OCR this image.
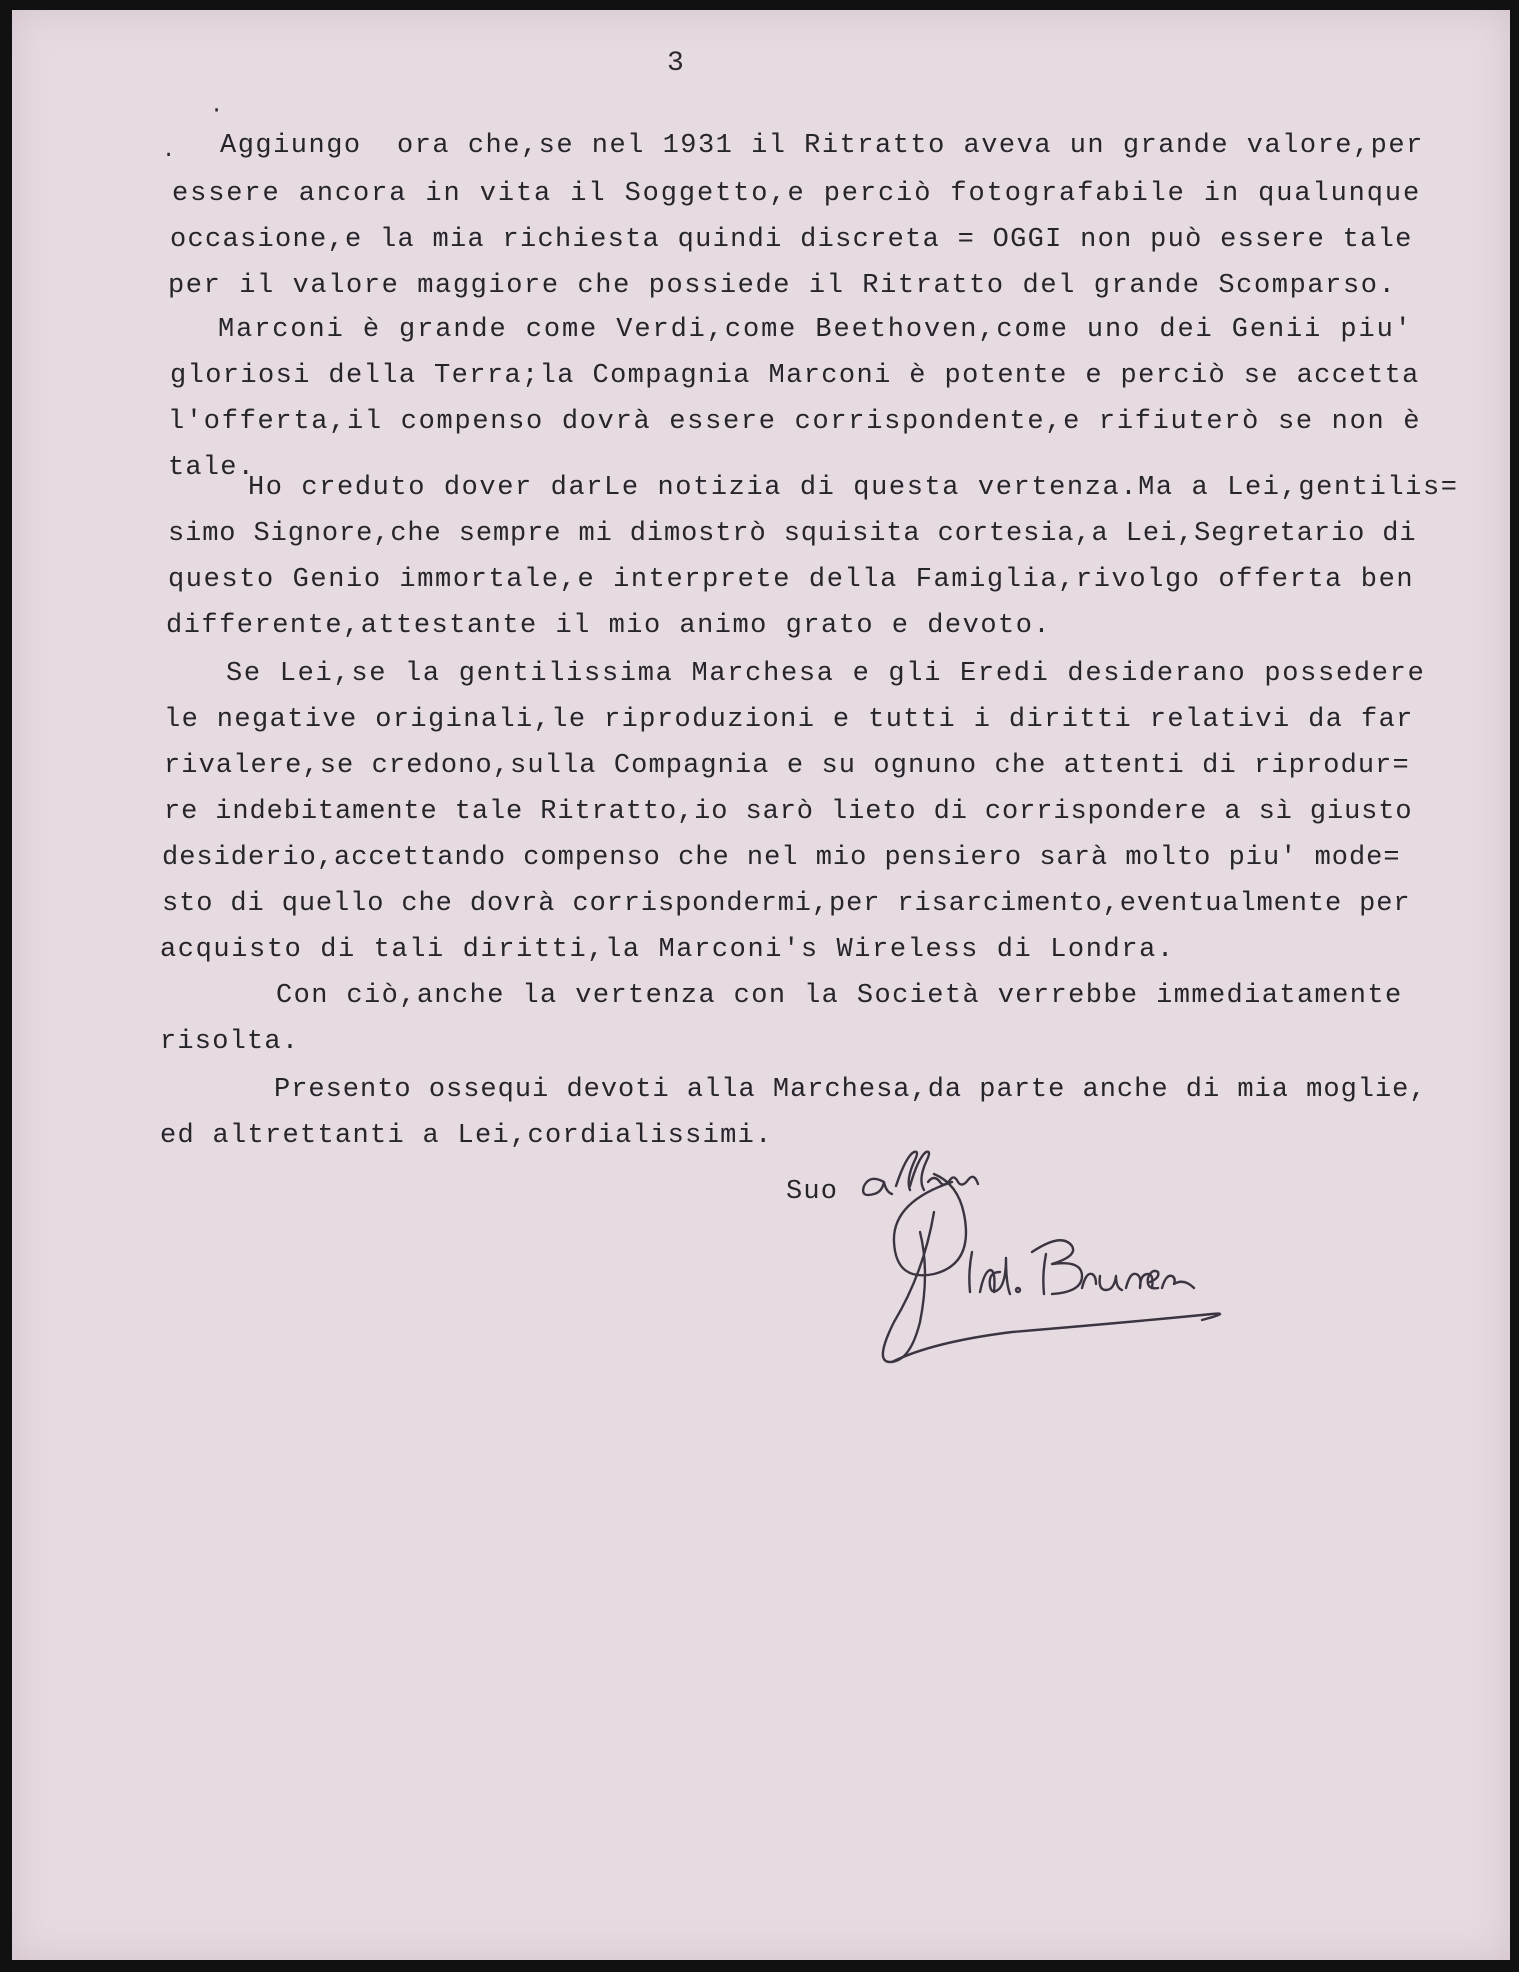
3
·
. Aggiungo  ora che,se nel 1931 il Ritratto aveva un grande valore,per
essere ancora in vita il Soggetto,e perciò fotografabile in qualunque
occasione,e la mia richiesta quindi discreta = OGGI non può essere tale
per il valore maggiore che possiede il Ritratto del grande Scomparso.
Marconi è grande come Verdi,come Beethoven,come uno dei Genii piu'
gloriosi della Terra;la Compagnia Marconi è potente e perciò se accetta
l'offerta,il compenso dovrà essere corrispondente,e rifiuterò se non è
tale.
Ho creduto dover darLe notizia di questa vertenza.Ma a Lei,gentilis=
simo Signore,che sempre mi dimostrò squisita cortesia,a Lei,Segretario di
questo Genio immortale,e interprete della Famiglia,rivolgo offerta ben
differente,attestante il mio animo grato e devoto.
Se Lei,se la gentilissima Marchesa e gli Eredi desiderano possedere
le negative originali,le riproduzioni e tutti i diritti relativi da far
rivalere,se credono,sulla Compagnia e su ognuno che attenti di riprodur=
re indebitamente tale Ritratto,io sarò lieto di corrispondere a sì giusto
desiderio,accettando compenso che nel mio pensiero sarà molto piu' mode=
sto di quello che dovrà corrispondermi,per risarcimento,eventualmente per
acquisto di tali diritti,la Marconi's Wireless di Londra.
Con ciò,anche la vertenza con la Società verrebbe immediatamente
risolta.
Presento ossequi devoti alla Marchesa,da parte anche di mia moglie,
ed altrettanti a Lei,cordialissimi.
Suo
